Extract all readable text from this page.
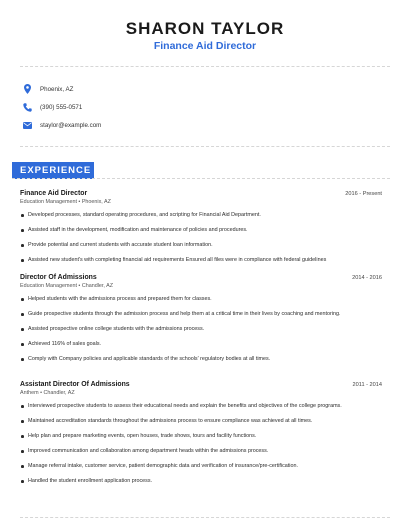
SHARON TAYLOR
Finance Aid Director
Phoenix, AZ
(390) 555-0571
staylor@example.com
EXPERIENCE
Finance Aid Director	2016 - Present
Education Management • Phoenix, AZ
Developed processes, standard operating procedures, and scripting for Financial Aid Department.
Assisted staff in the development, modification and maintenance of policies and procedures.
Provide potential and current students with accurate student loan information.
Assisted new student's with completing financial aid requirements Ensured all files were in compliance with federal guidelines
Director Of Admissions	2014 - 2016
Education Management • Chandler, AZ
Helped students with the admissions process and prepared them for classes.
Guide prospective students through the admission process and help them at a critical time in their lives by coaching and mentoring.
Assisted prospective online college students with the admissions process.
Achieved 116% of sales goals.
Comply with Company policies and applicable standards of the schools' regulatory bodies at all times.
Assistant Director Of Admissions	2011 - 2014
Anthem • Chandler, AZ
Interviewed prospective students to assess their educational needs and explain the benefits and objectives of the college programs.
Maintained accreditation standards throughout the admissions process to ensure compliance was achieved at all times.
Help plan and prepare marketing events, open houses, trade shows, tours and facility functions.
Improved communication and collaboration among department heads within the admissions process.
Manage referral intake, customer service, patient demographic data and verification of insurance/pre-certification.
Handled the student enrollment application process.
